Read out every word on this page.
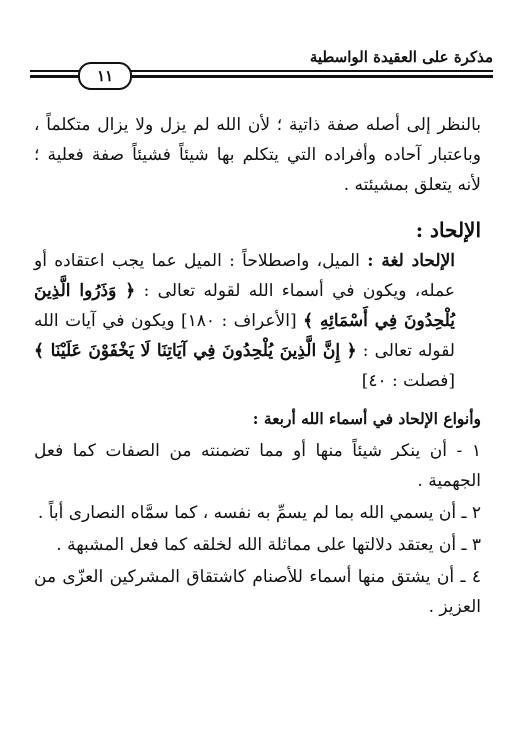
مذكرة على العقيدة الواسطية
١١

بالنظر إلى أصله صفة ذاتية ؛ لأن الله لم يزل ولا يزال متكلماً ، وباعتبار آحاده وأفراده التي يتكلم بها شيئاً فشيئاً صفة فعلية ؛ لأنه يتعلق بمشيئته .

الإلحاد :

الإلحاد لغة : الميل، واصطلاحاً : الميل عما يجب اعتقاده أو عمله، ويكون في أسماء الله لقوله تعالى : ﴿ وَذَرُوا الَّذِينَ يُلْحِدُونَ فِي أَسْمَائِهِ ﴾ [الأعراف : ١٨٠] ويكون في آيات الله لقوله تعالى : ﴿ إِنَّ الَّذِينَ يُلْحِدُونَ فِي آيَاتِنَا لَا يَخْفَوْنَ عَلَيْنَا ﴾ [فصلت : ٤٠]

وأنواع الإلحاد في أسماء الله أربعة :

١ - أن ينكر شيئاً منها أو مما تضمنته من الصفات كما فعل الجهمية .

٢ ـ أن يسمي الله بما لم يسمِّ به نفسه ، كما سمَّاه النصارى أباً .

٣ ـ أن يعتقد دلالتها على مماثلة الله لخلقه كما فعل المشبهة .

٤ ـ أن يشتق منها أسماء للأصنام كاشتقاق المشركين العزّى من العزيز .
